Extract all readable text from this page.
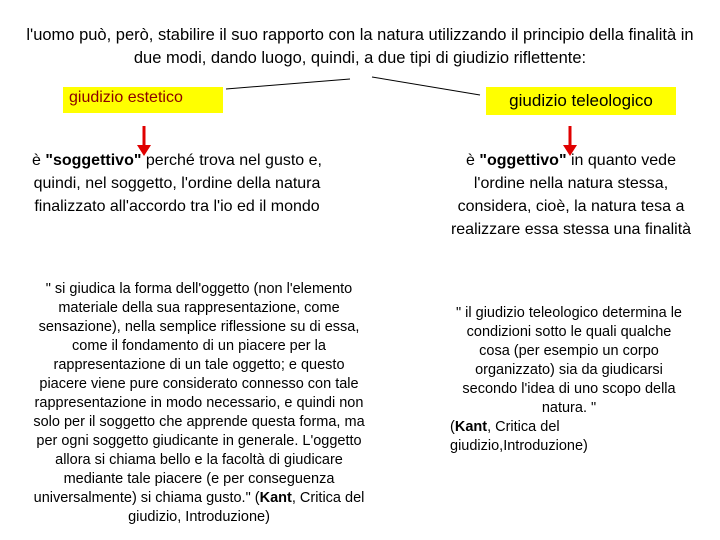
l'uomo può, però, stabilire il suo rapporto con la natura utilizzando il principio della finalità in due modi, dando luogo, quindi, a due tipi di giudizio riflettente:
giudizio estetico
è "soggettivo" perché trova nel gusto e, quindi, nel soggetto, l'ordine della natura finalizzato all'accordo tra l'io ed il mondo
" si giudica la forma dell'oggetto (non l'elemento materiale della sua rappresentazione, come sensazione), nella semplice riflessione su di essa, come il fondamento di un piacere per la rappresentazione di un tale oggetto; e questo piacere viene pure considerato connesso con tale rappresentazione in modo necessario, e quindi non solo per il soggetto che apprende questa forma, ma per ogni soggetto giudicante in generale. L'oggetto allora si chiama bello e la facoltà di giudicare mediante tale piacere (e per conseguenza universalmente) si chiama gusto." (Kant, Critica del giudizio, Introduzione)
giudizio teleologico
è "oggettivo" in quanto vede l'ordine nella natura stessa, considera, cioè, la natura tesa a realizzare essa stessa una finalità
" il giudizio teleologico determina le condizioni sotto le quali qualche cosa (per esempio un corpo organizzato) sia da giudicarsi secondo l'idea di uno scopo della natura. "
(Kant, Critica del giudizio,Introduzione)
